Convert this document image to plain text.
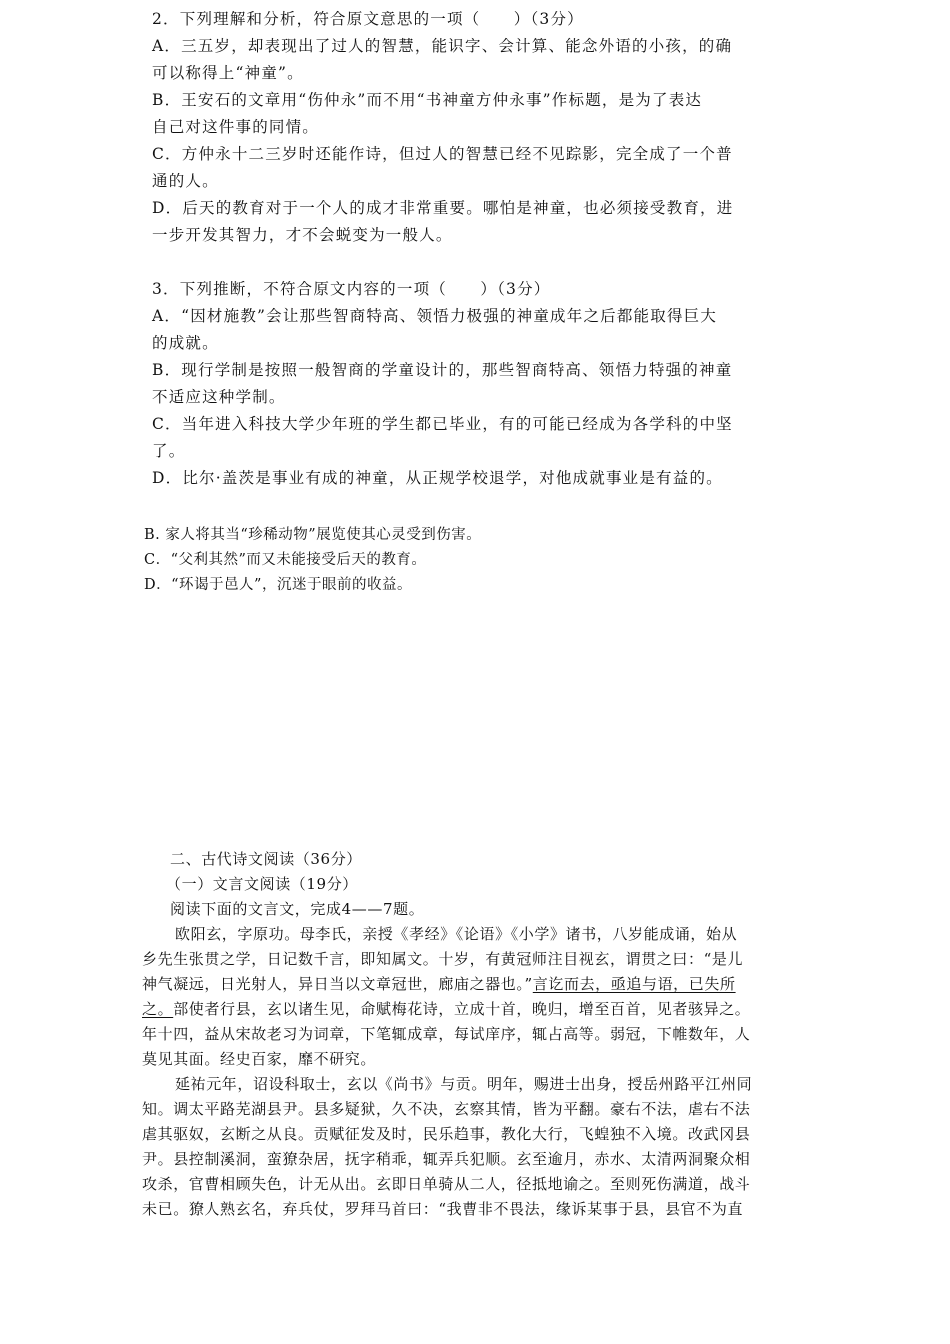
2．下列理解和分析，符合原文意思的一项（　　）（3分）
A．三五岁，却表现出了过人的智慧，能识字、会计算、能念外语的小孩，的确
可以称得上“神童”。
B．王安石的文章用“伤仲永”而不用“书神童方仲永事”作标题，是为了表达
自己对这件事的同情。
C．方仲永十二三岁时还能作诗，但过人的智慧已经不见踪影，完全成了一个普
通的人。
D．后天的教育对于一个人的成才非常重要。哪怕是神童，也必须接受教育，进
一步开发其智力，才不会蜕变为一般人。
3．下列推断，不符合原文内容的一项（　　）（3分）
A．“因材施教”会让那些智商特高、领悟力极强的神童成年之后都能取得巨大
的成就。
B．现行学制是按照一般智商的学童设计的，那些智商特高、领悟力特强的神童
不适应这种学制。
C．当年进入科技大学少年班的学生都已毕业，有的可能已经成为各学科的中坚
了。
D．比尔·盖茨是事业有成的神童，从正规学校退学，对他成就事业是有益的。
B. 家人将其当“珍稀动物”展览使其心灵受到伤害。
C．“父利其然”而又未能接受后天的教育。
D．“环谒于邑人”，沉迷于眼前的收益。
二、古代诗文阅读（36分）
（一）文言文阅读（19分）
阅读下面的文言文，完成4——7题。
欧阳玄，字原功。母李氏，亲授《孝经》《论语》《小学》诸书，八岁能成诵，始从
乡先生张贯之学，日记数千言，即知属文。十岁，有黄冠师注目视玄，谓贯之曰：“是儿
神气凝远，日光射人，异日当以文章冠世，廊庙之器也。”言讫而去，亟追与语，已失所
之。部使者行县，玄以诸生见，命赋梅花诗，立成十首，晚归，增至百首，见者骇异之。
年十四，益从宋故老习为词章，下笔辄成章，每试庠序，辄占高等。弱冠，下帷数年，人
莫见其面。经史百家，靡不研究。
延祐元年，诏设科取士，玄以《尚书》与贡。明年，赐进士出身，授岳州路平江州同
知。调太平路芜湖县尹。县多疑狱，久不决，玄察其情，皆为平翻。豪右不法，虐右不法
虐其驱奴，玄断之从良。贡赋征发及时，民乐趋事，教化大行，飞蝗独不入境。改武冈县
尹。县控制溪洞，蛮獠杂居，抚字稍乖，辄弄兵犯顺。玄至逾月，赤水、太清两洞聚众相
攻杀，官曹相顾失色，计无从出。玄即日单骑从二人，径抵地谕之。至则死伤满道，战斗
未已。獠人熟玄名，弃兵仗，罗拜马首曰：“我曹非不畏法，缘诉某事于县，县官不为直
